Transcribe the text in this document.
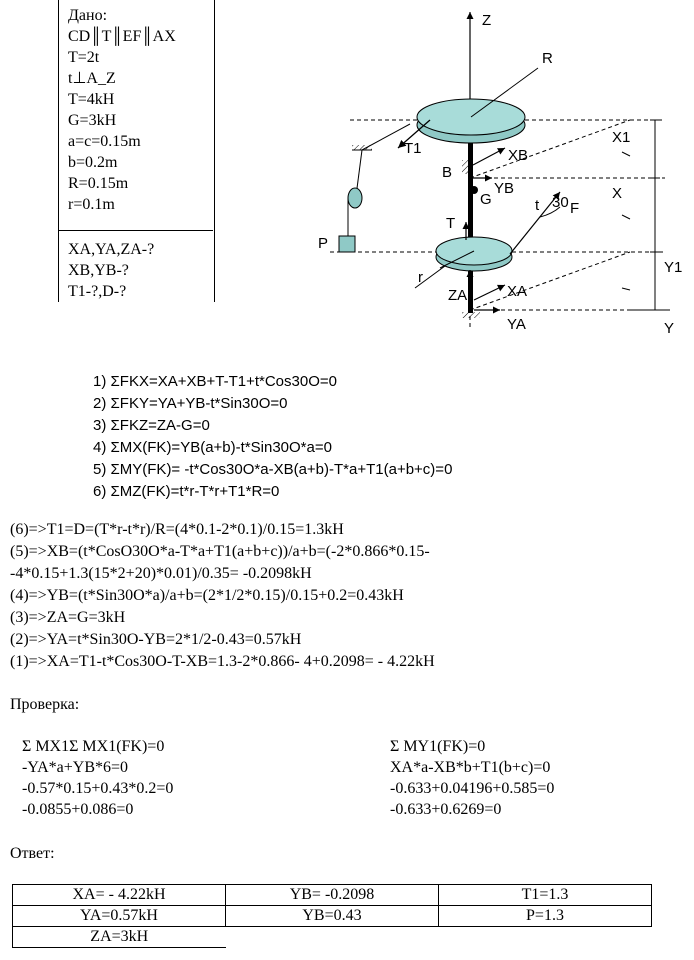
Дано:
CD║T║EF║AX
T=2t
t⊥A_Z
T=4kH
G=3kH
a=c=0.15m
b=0.2m
R=0.15m
r=0.1m
XA,YA,ZA-?
XB,YB-?
T1-?,D-?
Z
R
X1
T1	XB
B
YB
G	t 30 F
X
T
P
r
Y1
ZA	XA
YA	Y
1) ΣFKX=XA+XB+T-T1+t*Cos30O=0
2) ΣFKY=YA+YB-t*Sin30O=0
3) ΣFKZ=ZA-G=0
4) ΣMX(FK)=YB(a+b)-t*Sin30O*a=0
5) ΣMY(FK)= -t*Cos30O*a-XB(a+b)-T*a+T1(a+b+c)=0
6) ΣMZ(FK)=t*r-T*r+T1*R=0
(6)=>T1=D=(T*r-t*r)/R=(4*0.1-2*0.1)/0.15=1.3kH
(5)=>XB=(t*CosO30O*a-T*a+T1(a+b+c))/a+b=(-2*0.866*0.15-
-4*0.15+1.3(15*2+20)*0.01)/0.35= -0.2098kH
(4)=>YB=(t*Sin30O*a)/a+b=(2*1/2*0.15)/0.15+0.2=0.43kH
(3)=>ZA=G=3kH
(2)=>YA=t*Sin30O-YB=2*1/2-0.43=0.57kH
(1)=>XA=T1-t*Cos30O-T-XB=1.3-2*0.866- 4+0.2098= - 4.22kH
Проверка:
Σ MX1Σ MX1(FK)=0
-YA*a+YB*6=0
-0.57*0.15+0.43*0.2=0
-0.0855+0.086=0
Σ MY1(FK)=0
XA*a-XB*b+T1(b+c)=0
-0.633+0.04196+0.585=0
-0.633+0.6269=0
Ответ:
XA= - 4.22kH	YB= -0.2098	T1=1.3
YA=0.57kH	YB=0.43	P=1.3
ZA=3kH		
